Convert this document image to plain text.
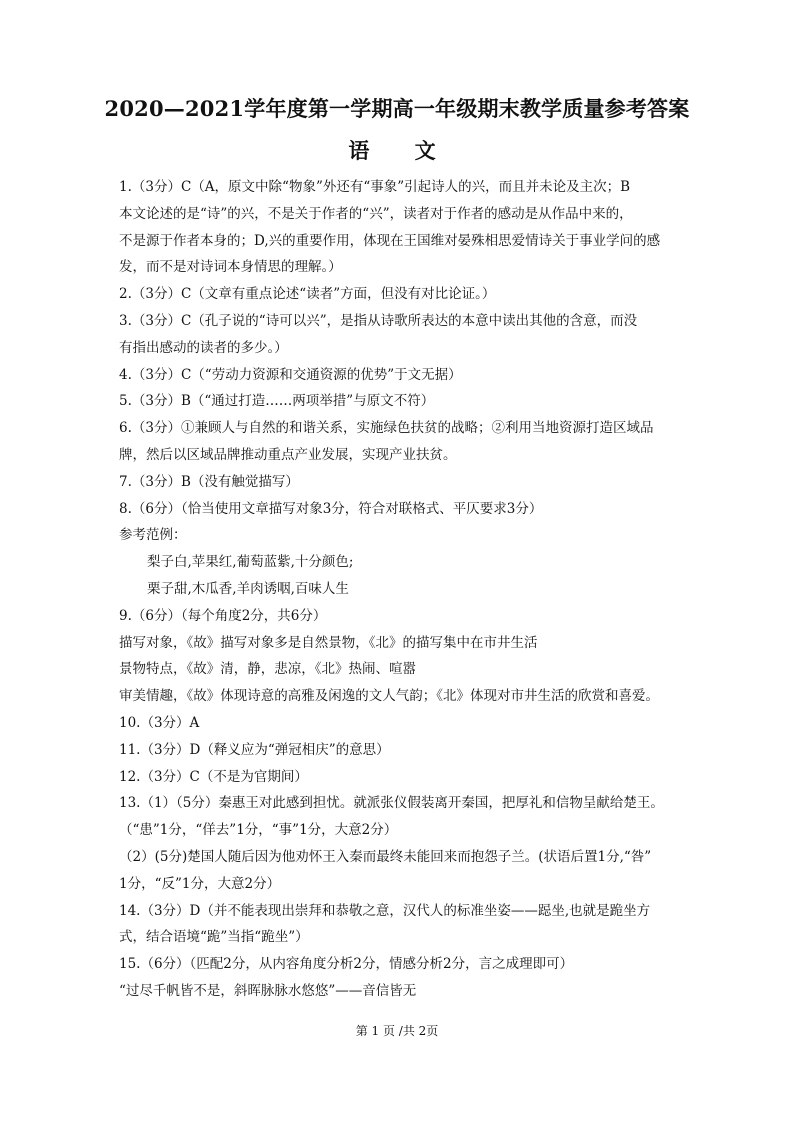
2020—2021学年度第一学期高一年级期末教学质量参考答案
语 文
1.（3分）C（A，原文中除“物象”外还有“事象”引起诗人的兴，而且并未论及主次；B
本文论述的是“诗”的兴，不是关于作者的“兴”，读者对于作者的感动是从作品中来的，
不是源于作者本身的；D,兴的重要作用，体现在王国维对晏殊相思爱情诗关于事业学问的感
发，而不是对诗词本身情思的理解。）
2.（3分）C（文章有重点论述“读者”方面，但没有对比论证。）
3.（3分）C（孔子说的“诗可以兴”，是指从诗歌所表达的本意中读出其他的含意，而没
有指出感动的读者的多少。）
4.（3分）C（“劳动力资源和交通资源的优势”于文无据）
5.（3分）B（“通过打造……两项举措”与原文不符）
6.（3分）①兼顾人与自然的和谐关系，实施绿色扶贫的战略；②利用当地资源打造区域品
牌，然后以区域品牌推动重点产业发展，实现产业扶贫。
7.（3分）B（没有触觉描写）
8.（6分）（恰当使用文章描写对象3分，符合对联格式、平仄要求3分）
参考范例：
梨子白,苹果红,葡萄蓝紫,十分颜色;
栗子甜,木瓜香,羊肉诱咽,百味人生
9.（6分）（每个角度2分，共6分）
描写对象，《故》描写对象多是自然景物，《北》的描写集中在市井生活
景物特点，《故》清，静，悲凉，《北》热闹、喧嚣
审美情趣，《故》体现诗意的高雅及闲逸的文人气韵；《北》体现对市井生活的欣赏和喜爱。
10.（3分）A
11.（3分）D（释义应为“弹冠相庆”的意思）
12.（3分）C（不是为官期间）
13.（1）（5分）秦惠王对此感到担忧。就派张仪假装离开秦国，把厚礼和信物呈献给楚王。
（“患”1分，“佯去”1分，“事”1分，大意2分）
（2）(5分)楚国人随后因为他劝怀王入秦而最终未能回来而抱怨子兰。(状语后置1分,“咎”
1分，“反”1分，大意2分）
14.（3分）D（并不能表现出崇拜和恭敬之意，汉代人的标准坐姿——跽坐,也就是跪坐方
式，结合语境“跪”当指“跪坐”）
15.（6分）（匹配2分，从内容角度分析2分，情感分析2分，言之成理即可）
“过尽千帆皆不是，斜晖脉脉水悠悠”——音信皆无
第 1 页 /共 2页
